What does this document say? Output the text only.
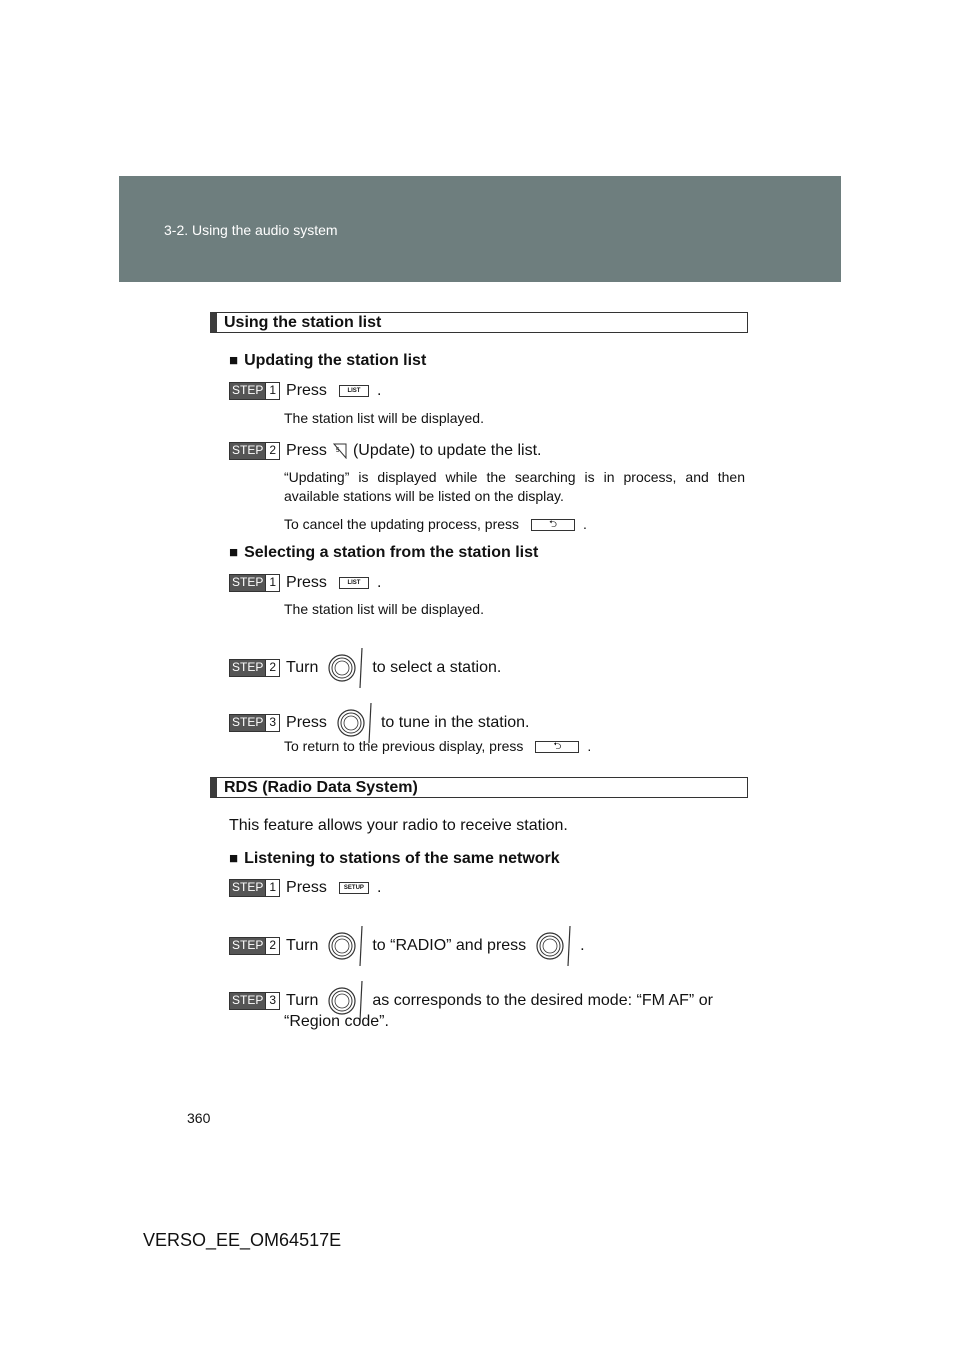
3-2. Using the audio system
Using the station list
■ Updating the station list
STEP 1 Press	LIST	.
The station list will be displayed.
STEP 2 Press 5 (Update) to update the list.
“Updating” is displayed while the searching is in process, and then available stations will be listed on the display.
To cancel the updating process, press	⮌	.
■ Selecting a station from the station list
STEP 1 Press	LIST	.
The station list will be displayed.
STEP 2 Turn	to select a station.
STEP 3 Press	to tune in the station.
To return to the previous display, press	⮌	.
RDS (Radio Data System)
This feature allows your radio to receive station.
■ Listening to stations of the same network
STEP 1 Press	SETUP .
STEP 2 Turn	to “RADIO” and press	.
STEP 3 Turn	as corresponds to the desired mode: “FM AF” or
“Region code”.
360
VERSO_EE_OM64517E
